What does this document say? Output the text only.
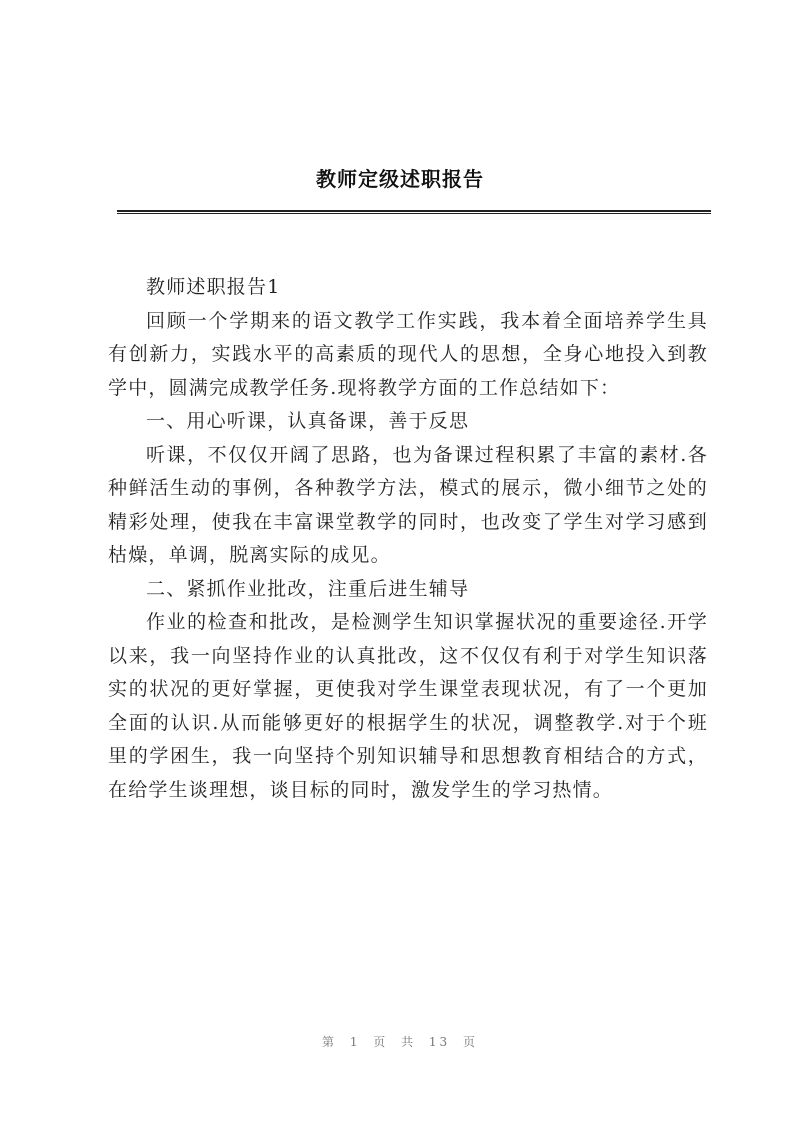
教师定级述职报告

教师述职报告1

回顾一个学期来的语文教学工作实践，我本着全面培养学生具有创新力，实践水平的高素质的现代人的思想，全身心地投入到教学中，圆满完成教学任务.现将教学方面的工作总结如下：

一、用心听课，认真备课，善于反思

听课，不仅仅开阔了思路，也为备课过程积累了丰富的素材.各种鲜活生动的事例，各种教学方法，模式的展示，微小细节之处的精彩处理，使我在丰富课堂教学的同时，也改变了学生对学习感到枯燥，单调，脱离实际的成见。

二、紧抓作业批改，注重后进生辅导

作业的检查和批改，是检测学生知识掌握状况的重要途径.开学以来，我一向坚持作业的认真批改，这不仅仅有利于对学生知识落实的状况的更好掌握，更使我对学生课堂表现状况，有了一个更加全面的认识.从而能够更好的根据学生的状况，调整教学.对于个班里的学困生，我一向坚持个别知识辅导和思想教育相结合的方式，在给学生谈理想，谈目标的同时，激发学生的学习热情。

第 1 页 共 13 页
